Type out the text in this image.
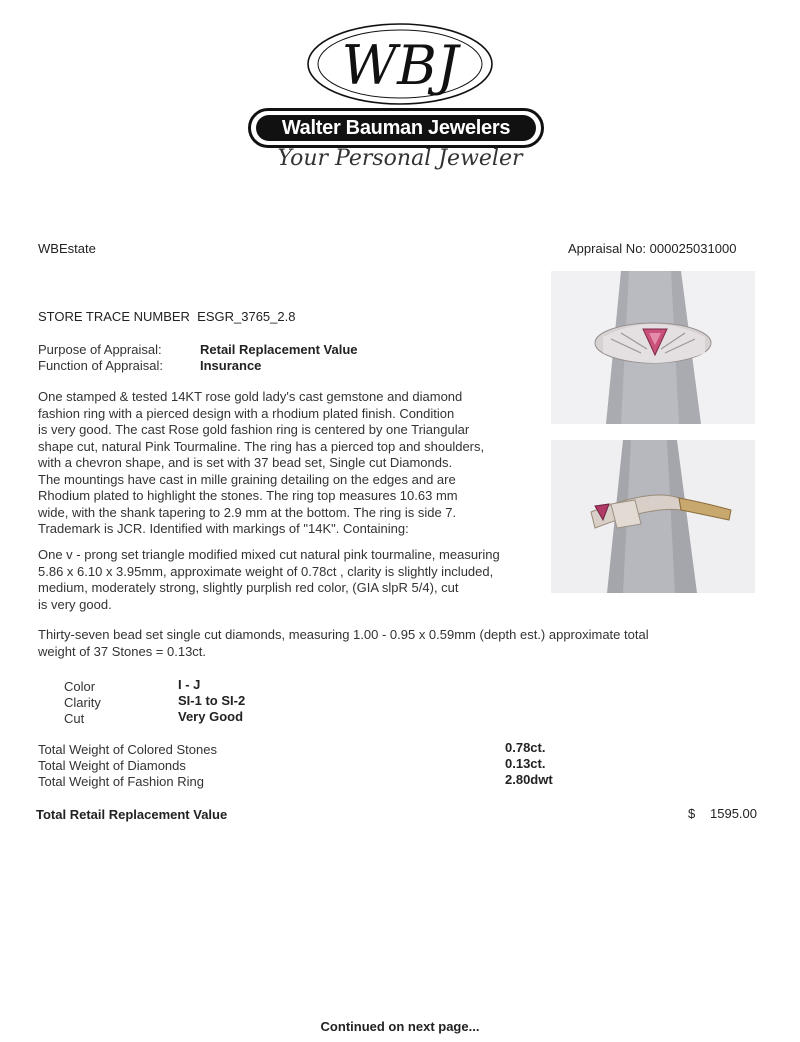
WBJ
Walter Bauman Jewelers
Your Personal Jeweler
WBEstate	Appraisal No: 000025031000
STORE TRACE NUMBER ESGR_3765_2.8
Purpose of Appraisal:	Retail Replacement Value
Function of Appraisal:	Insurance
One stamped & tested 14KT rose gold lady's cast gemstone and diamond
fashion ring with a pierced design with a rhodium plated finish. Condition
is very good. The cast Rose gold fashion ring is centered by one Triangular
shape cut, natural Pink Tourmaline. The ring has a pierced top and shoulders,
with a chevron shape, and is set with 37 bead set, Single cut Diamonds.
The mountings have cast in mille graining detailing on the edges and are
Rhodium plated to highlight the stones. The ring top measures 10.63 mm
wide, with the shank tapering to 2.9 mm at the bottom. The ring is side 7.
Trademark is JCR. Identified with markings of "14K". Containing:
One v - prong set triangle modified mixed cut natural pink tourmaline, measuring
5.86 x 6.10 x 3.95mm, approximate weight of 0.78ct , clarity is slightly included,
medium, moderately strong, slightly purplish red color, (GIA slpR 5/4), cut
is very good.
Thirty-seven bead set single cut diamonds, measuring 1.00 - 0.95 x 0.59mm (depth est.) approximate total
weight of 37 Stones = 0.13ct.
Color	I - J
Clarity	SI-1 to SI-2
Cut	Very Good
Total Weight of Colored Stones	0.78ct.
Total Weight of Diamonds	0.13ct.
Total Weight of Fashion Ring	2.80dwt
Total Retail Replacement Value	$ 1595.00
Continued on next page...
